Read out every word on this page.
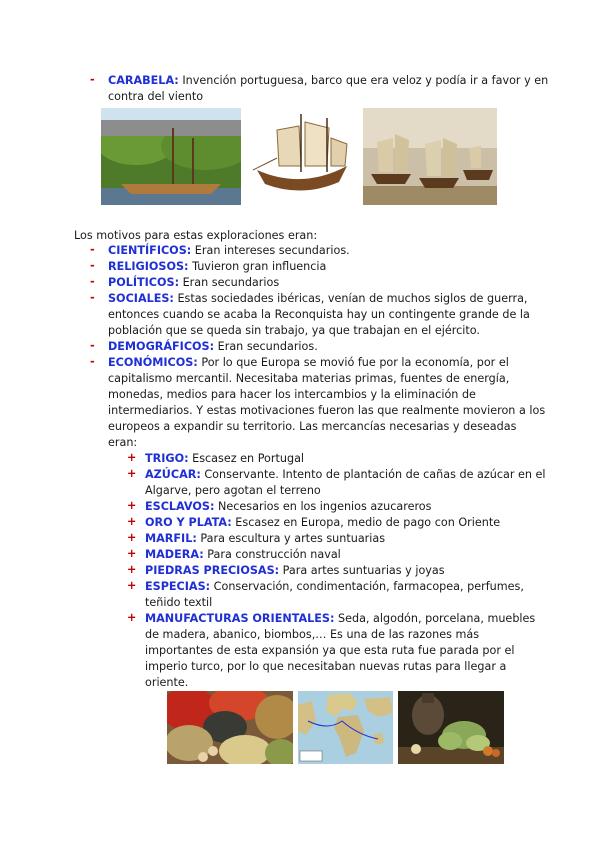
- CARABELA: Invención portuguesa, barco que era veloz y podía ir a favor y en
contra del viento
Los motivos para estas exploraciones eran:
- CIENTÍFICOS: Eran intereses secundarios.
- RELIGIOSOS: Tuvieron gran influencia
- POLÍTICOS: Eran secundarios
- SOCIALES: Estas sociedades ibéricas, venían de muchos siglos de guerra,
entonces cuando se acaba la Reconquista hay un contingente grande de la
población que se queda sin trabajo, ya que trabajan en el ejército.
- DEMOGRÁFICOS: Eran secundarios.
- ECONÓMICOS: Por lo que Europa se movió fue por la economía, por el
capitalismo mercantil. Necesitaba materias primas, fuentes de energía,
monedas, medios para hacer los intercambios y la eliminación de
intermediarios. Y estas motivaciones fueron las que realmente movieron a los
europeos a expandir su territorio. Las mercancías necesarias y deseadas
eran:
+ TRIGO: Escasez en Portugal
+ AZÚCAR: Conservante. Intento de plantación de cañas de azúcar en el
Algarve, pero agotan el terreno
+ ESCLAVOS: Necesarios en los ingenios azucareros
+ ORO Y PLATA: Escasez en Europa, medio de pago con Oriente
+ MARFIL: Para escultura y artes suntuarias
+ MADERA: Para construcción naval
+ PIEDRAS PRECIOSAS: Para artes suntuarias y joyas
+ ESPECIAS: Conservación, condimentación, farmacopea, perfumes,
teñido textil
+ MANUFACTURAS ORIENTALES: Seda, algodón, porcelana, muebles
de madera, abanico, biombos,… Es una de las razones más
importantes de esta expansión ya que esta ruta fue parada por el
imperio turco, por lo que necesitaban nuevas rutas para llegar a
oriente.
